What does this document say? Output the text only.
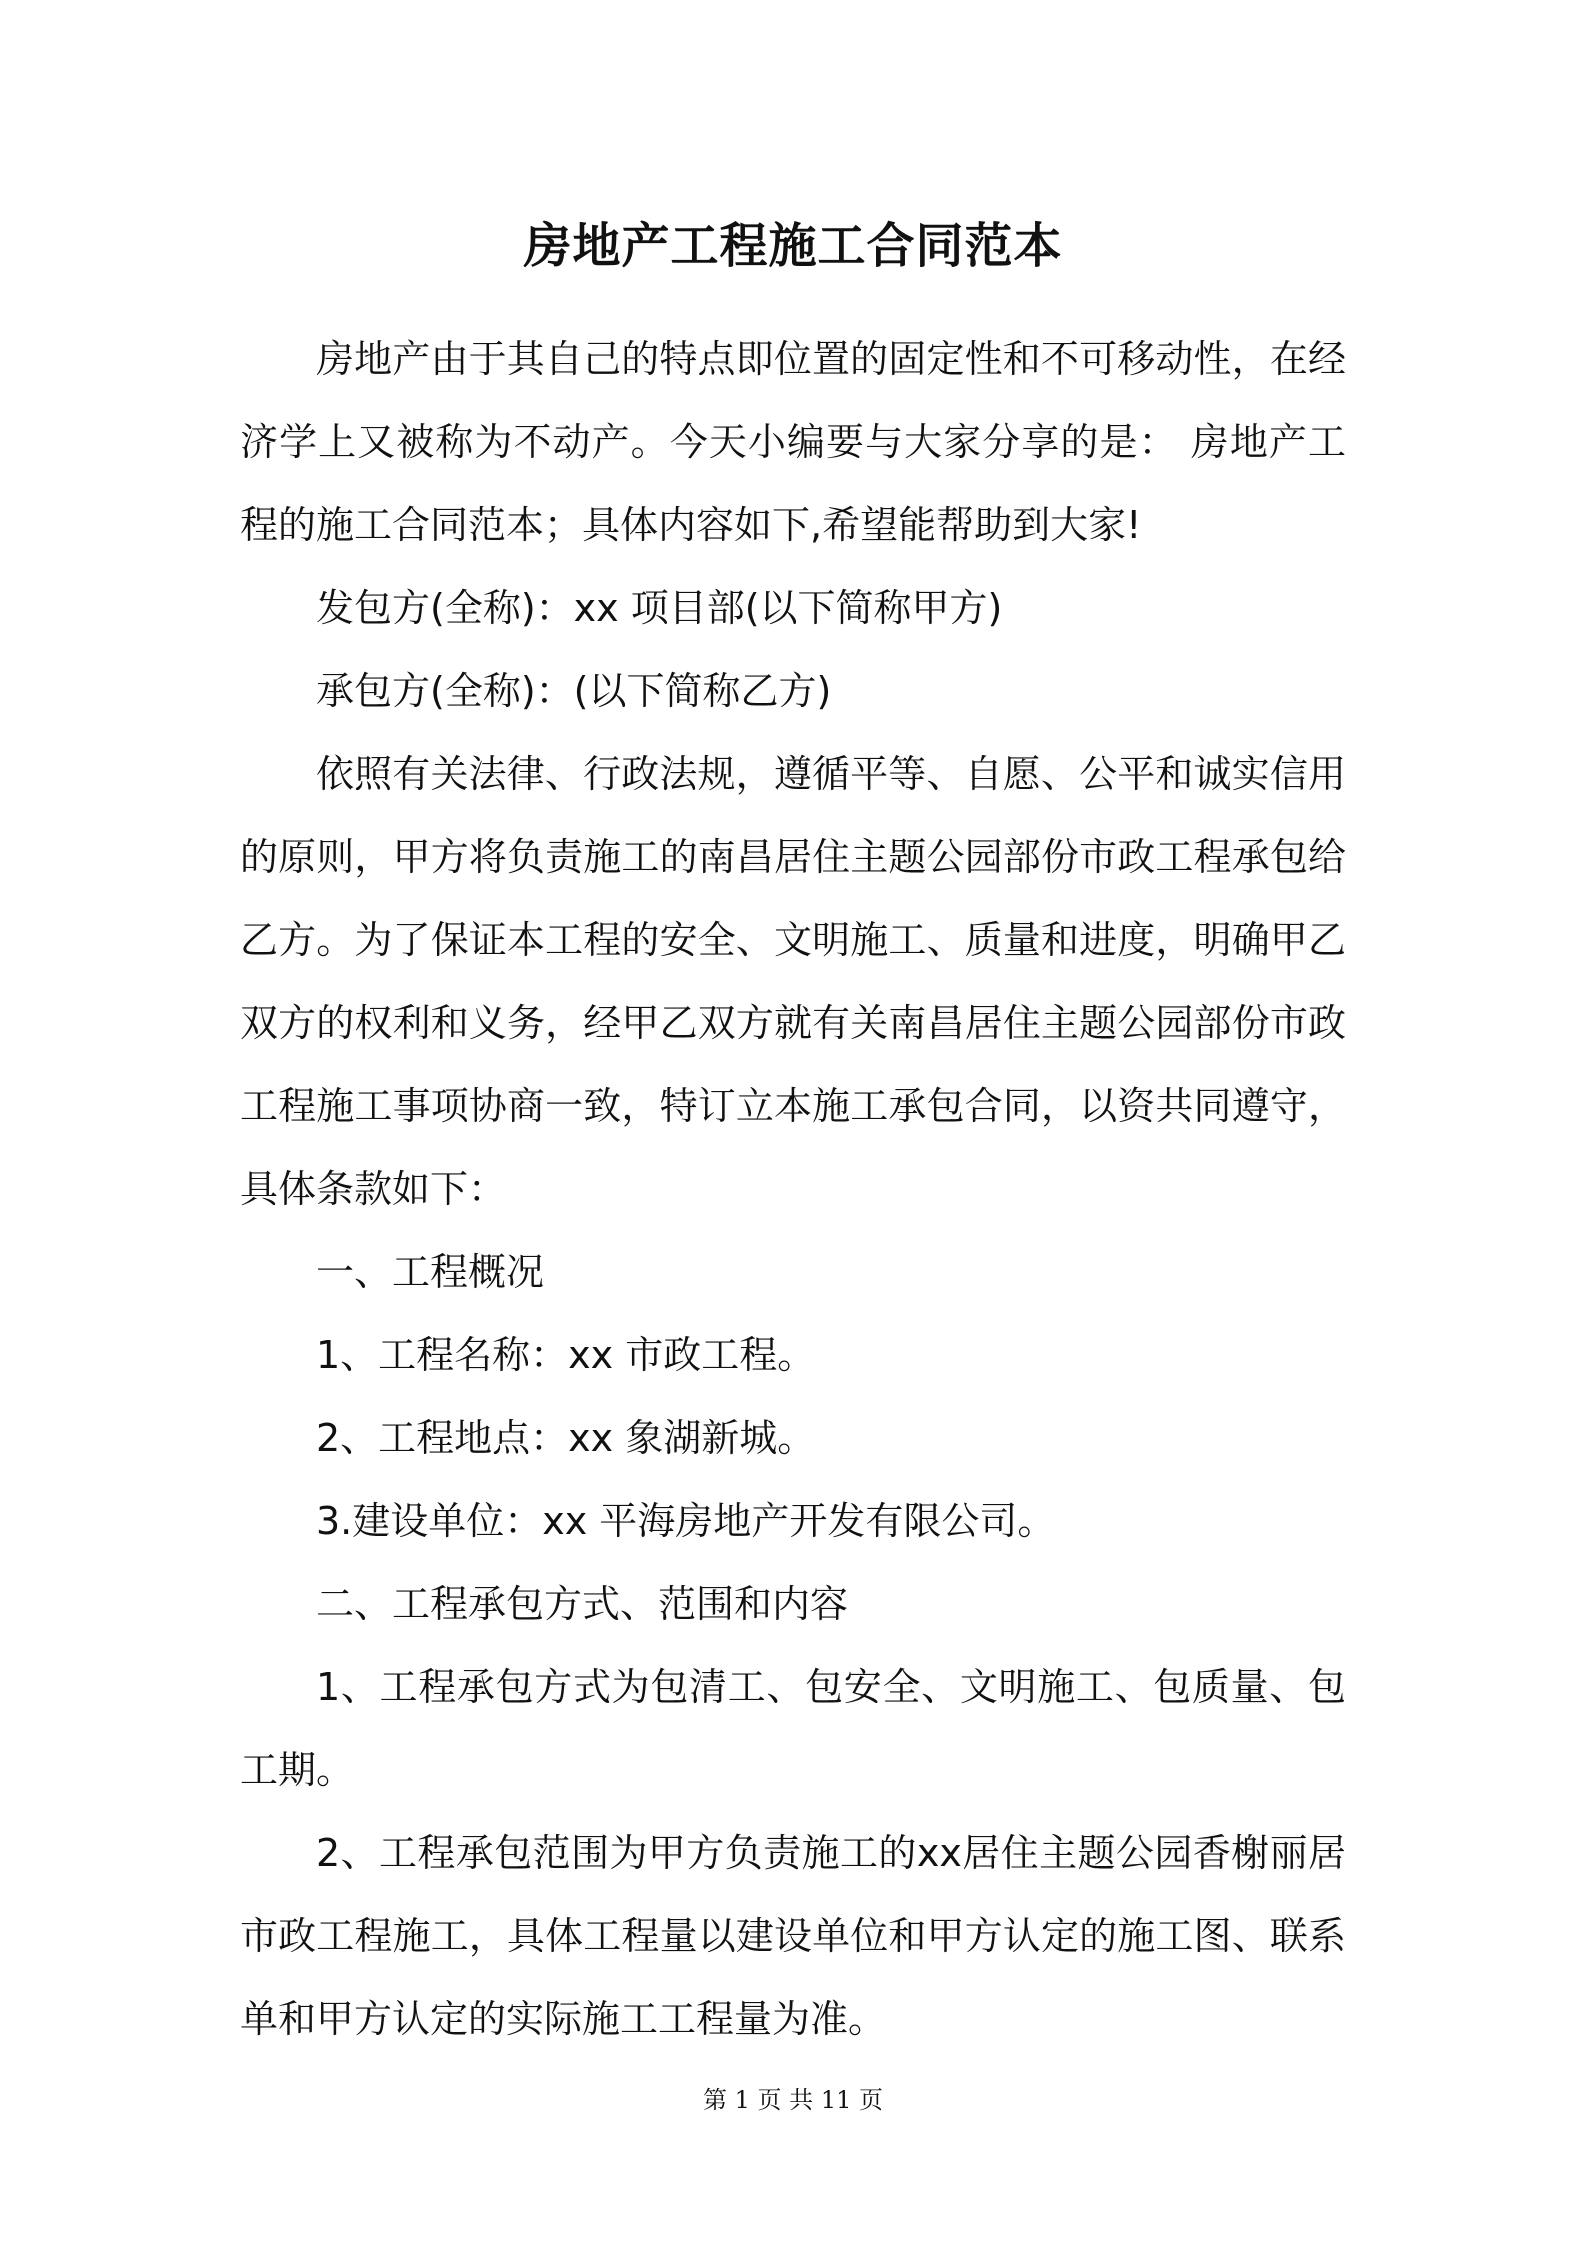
房地产工程施工合同范本

房地产由于其自己的特点即位置的固定性和不可移动性，在经济学上又被称为不动产。今天小编要与大家分享的是： 房地产工程的施工合同范本；具体内容如下,希望能帮助到大家!

发包方(全称)：xx 项目部(以下简称甲方)

承包方(全称)：(以下简称乙方)

依照有关法律、行政法规，遵循平等、自愿、公平和诚实信用的原则，甲方将负责施工的南昌居住主题公园部份市政工程承包给乙方。为了保证本工程的安全、文明施工、质量和进度，明确甲乙双方的权利和义务，经甲乙双方就有关南昌居住主题公园部份市政工程施工事项协商一致，特订立本施工承包合同，以资共同遵守，具体条款如下：

一、工程概况

1、工程名称：xx 市政工程。

2、工程地点：xx 象湖新城。

3.建设单位：xx 平海房地产开发有限公司。

二、工程承包方式、范围和内容

1、工程承包方式为包清工、包安全、文明施工、包质量、包工期。

2、工程承包范围为甲方负责施工的xx居住主题公园香榭丽居市政工程施工，具体工程量以建设单位和甲方认定的施工图、联系单和甲方认定的实际施工工程量为准。

第 1 页 共 11 页
